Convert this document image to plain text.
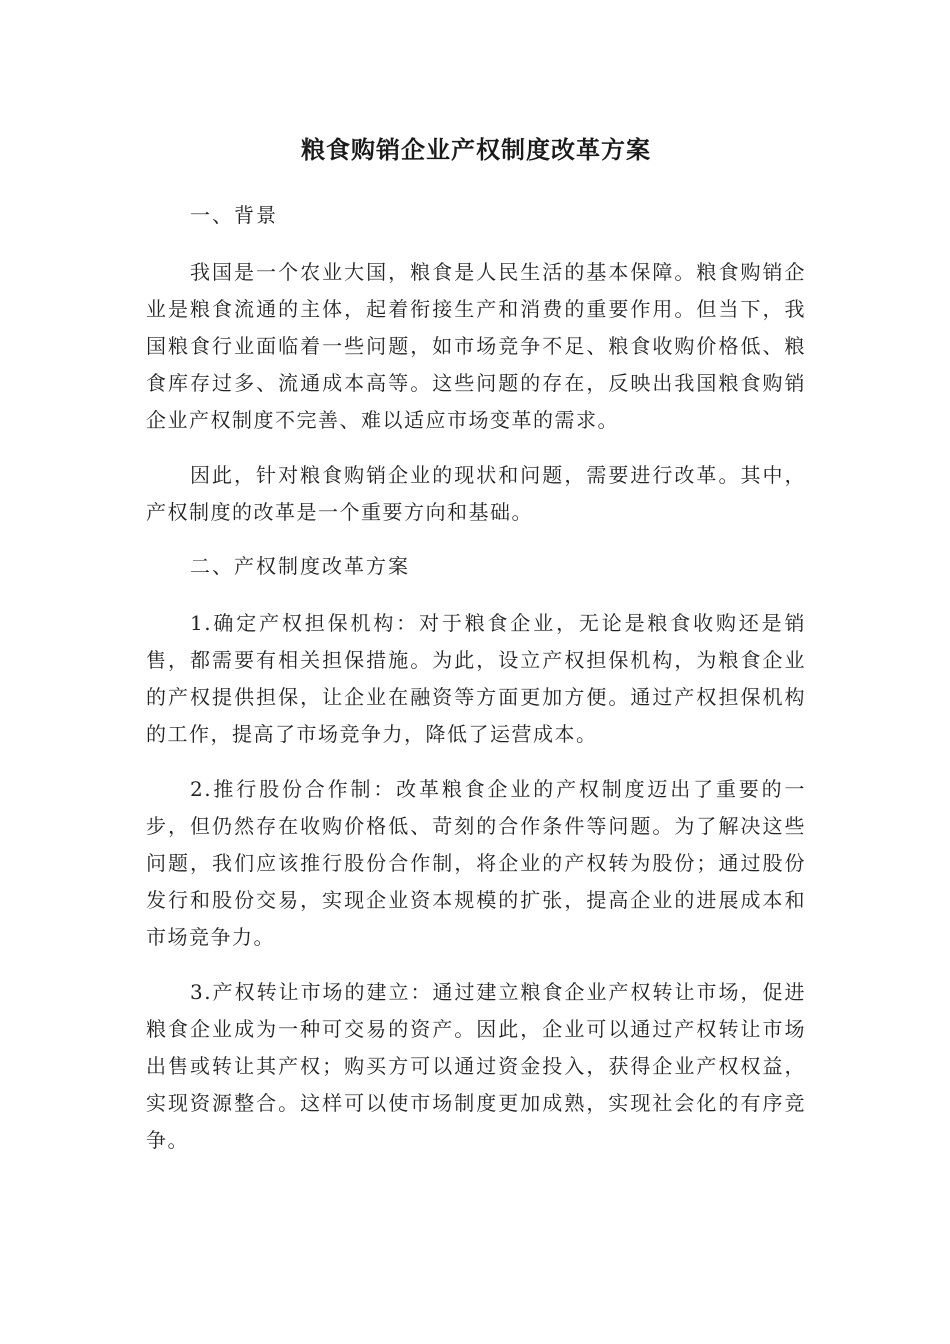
粮食购销企业产权制度改革方案

一、背景

我国是一个农业大国，粮食是人民生活的基本保障。粮食购销企业是粮食流通的主体，起着衔接生产和消费的重要作用。但当下，我国粮食行业面临着一些问题，如市场竞争不足、粮食收购价格低、粮食库存过多、流通成本高等。这些问题的存在，反映出我国粮食购销企业产权制度不完善、难以适应市场变革的需求。

因此，针对粮食购销企业的现状和问题，需要进行改革。其中，产权制度的改革是一个重要方向和基础。

二、产权制度改革方案

1.确定产权担保机构：对于粮食企业，无论是粮食收购还是销售，都需要有相关担保措施。为此，设立产权担保机构，为粮食企业的产权提供担保，让企业在融资等方面更加方便。通过产权担保机构的工作，提高了市场竞争力，降低了运营成本。

2.推行股份合作制：改革粮食企业的产权制度迈出了重要的一步，但仍然存在收购价格低、苛刻的合作条件等问题。为了解决这些问题，我们应该推行股份合作制，将企业的产权转为股份；通过股份发行和股份交易，实现企业资本规模的扩张，提高企业的进展成本和市场竞争力。

3.产权转让市场的建立：通过建立粮食企业产权转让市场，促进粮食企业成为一种可交易的资产。因此，企业可以通过产权转让市场出售或转让其产权；购买方可以通过资金投入，获得企业产权权益，实现资源整合。这样可以使市场制度更加成熟，实现社会化的有序竞争。
